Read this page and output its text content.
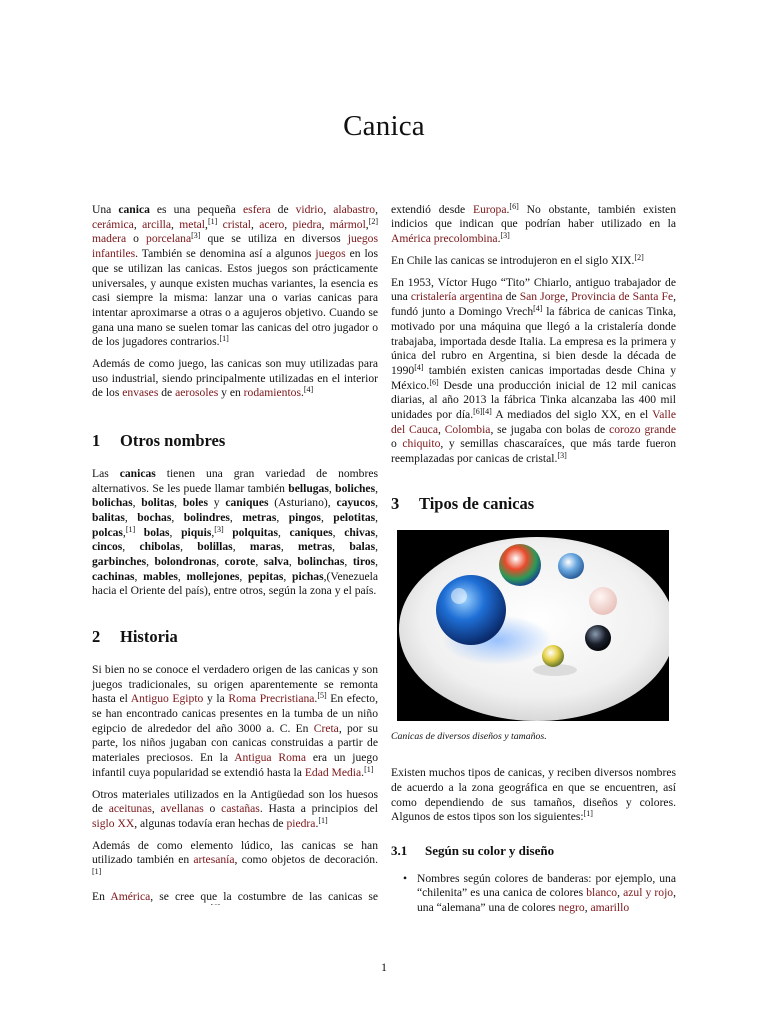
Canica

Una canica es una pequeña esfera de vidrio, alabastro, cerámica, arcilla, metal,[1] cristal, acero, piedra, mármol,[2] madera o porcelana[3] que se utiliza en diversos juegos infantiles. También se denomina así a algunos juegos en los que se utilizan las canicas. Estos juegos son prácticamente universales, y aunque existen muchas variantes, la esencia es casi siempre la misma: lanzar una o varias canicas para intentar aproximarse a otras o a agujeros objetivo. Cuando se gana una mano se suelen tomar las canicas del otro jugador o de los jugadores contrarios.[1]

Además de como juego, las canicas son muy utilizadas para uso industrial, siendo principalmente utilizadas en el interior de los envases de aerosoles y en rodamientos.[4]

1 Otros nombres

Las canicas tienen una gran variedad de nombres alternativos. Se les puede llamar también bellugas, boliches, bolichas, bolitas, boles y caniques (Asturiano), cayucos, balitas, bochas, bolindres, metras, pingos, pelotitas, polcas,[1] bolas, piquis,[3] polquitas, caniques, chivas, cincos, chibolas, bolillas, maras, metras, balas, garbinches, bolondronas, corote, salva, bolinchas, tiros, cachinas, mables, mollejones, pepitas, pichas,(Venezuela hacia el Oriente del país), entre otros, según la zona y el país.

2 Historia

Si bien no se conoce el verdadero origen de las canicas y son juegos tradicionales, su origen aparentemente se remonta hasta el Antiguo Egipto y la Roma Precristiana.[5] En efecto, se han encontrado canicas presentes en la tumba de un niño egipcio de alrededor del año 3000 a. C. En Creta, por su parte, los niños jugaban con canicas construidas a partir de materiales preciosos. En la Antigua Roma era un juego infantil cuya popularidad se extendió hasta la Edad Media.[1]

Otros materiales utilizados en la Antigüedad son los huesos de aceitunas, avellanas o castañas. Hasta a principios del siglo XX, algunas todavía eran hechas de piedra.[1]

Además de como elemento lúdico, las canicas se han utilizado también en artesanía, como objetos de decoración.[1]

En América, se cree que la costumbre de las canicas se

extendió desde Europa.[6] No obstante, también existen indicios que indican que podrían haber utilizado en la América precolombina.[3]

En Chile las canicas se introdujeron en el siglo XIX.[2]

En 1953, Víctor Hugo “Tito” Chiarlo, antiguo trabajador de una cristalería argentina de San Jorge, Provincia de Santa Fe, fundó junto a Domingo Vrech[4] la fábrica de canicas Tinka, motivado por una máquina que llegó a la cristalería donde trabajaba, importada desde Italia. La empresa es la primera y única del rubro en Argentina, si bien desde la década de 1990[4] también existen canicas importadas desde China y México.[6] Desde una producción inicial de 12 mil canicas diarias, al año 2013 la fábrica Tinka alcanzaba las 400 mil unidades por día.[6][4] A mediados del siglo XX, en el Valle del Cauca, Colombia, se jugaba con bolas de corozo grande o chiquito, y semillas chascaraíces, que más tarde fueron reemplazadas por canicas de cristal.[3]

3 Tipos de canicas
Canicas de diversos diseños y tamaños.

Existen muchos tipos de canicas, y reciben diversos nombres de acuerdo a la zona geográfica en que se encuentren, así como dependiendo de sus tamaños, diseños y colores. Algunos de estos tipos son los siguientes:[1]

3.1 Según su color y diseño
• Nombres según colores de banderas: por ejemplo, una “chilenita” es una canica de colores blanco, azul y rojo, una “alemana” una de colores negro, amarillo
1
